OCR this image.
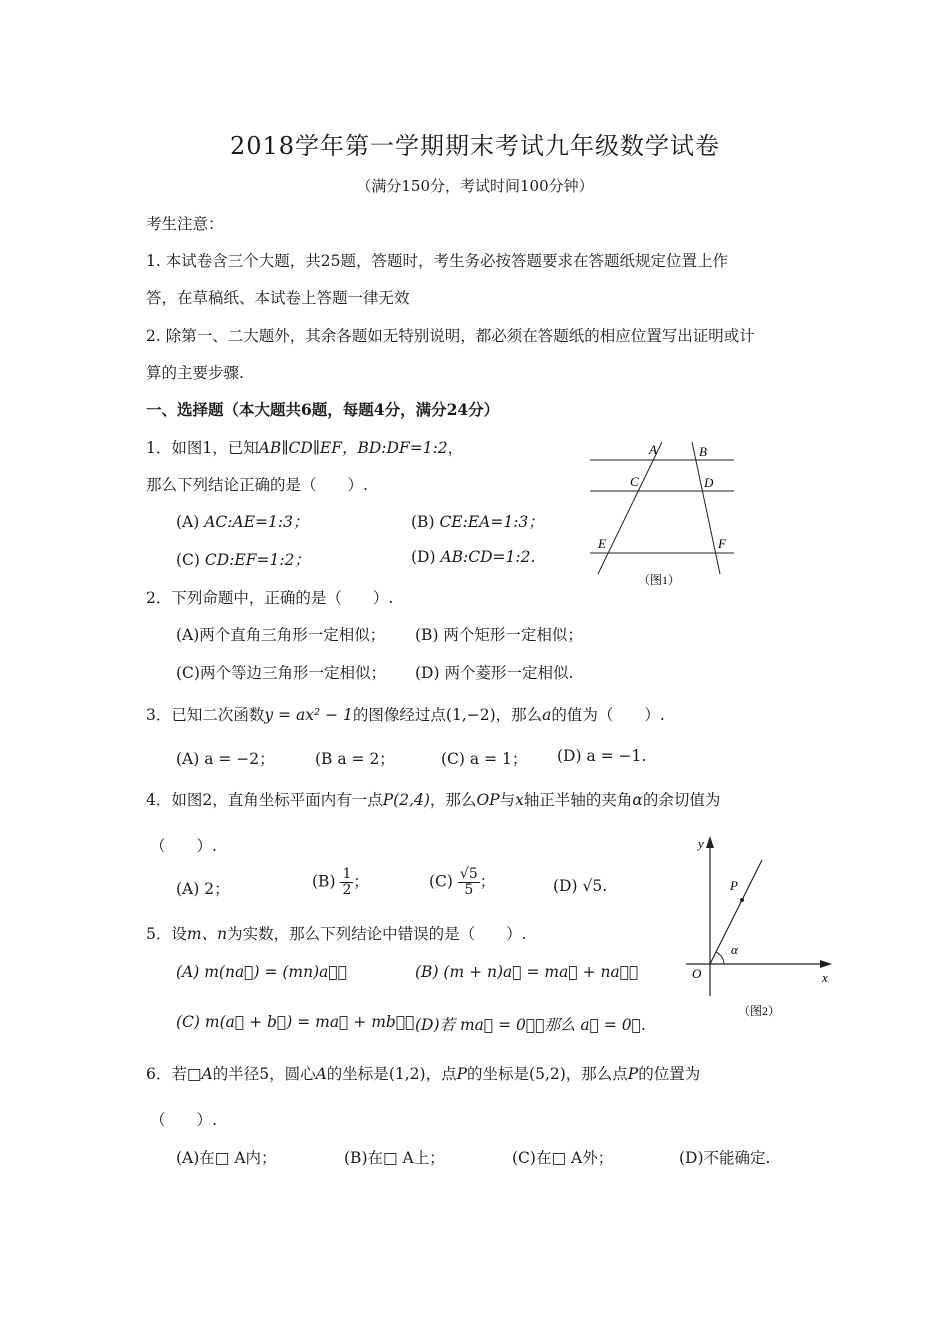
2018学年第一学期期末考试九年级数学试卷
（满分150分，考试时间100分钟）
考生注意：
1. 本试卷含三个大题，共25题，答题时，考生务必按答题要求在答题纸规定位置上作
答，在草稿纸、本试卷上答题一律无效
2. 除第一、二大题外，其余各题如无特别说明，都必须在答题纸的相应位置写出证明或计
算的主要步骤.
一、选择题（本大题共6题，每题4分，满分24分）
1．如图1，已知AB∥CD∥EF，BD:DF=1:2，
那么下列结论正确的是（　　）.
(A) AC:AE=1:3；	(B) CE:EA=1:3；
(C) CD:EF=1:2；	(D) AB:CD=1:2.
A	B
C	D
E	F
（图1）
2．下列命题中，正确的是（　　）.
(A)两个直角三角形一定相似； (B) 两个矩形一定相似；
(C)两个等边三角形一定相似； (D) 两个菱形一定相似.
3．已知二次函数y = ax² − 1的图像经过点(1,−2)，那么a的值为（　　）.
(A) a = −2；	(B a = 2；	(C) a = 1； (D) a = −1.
4．如图2，直角坐标平面内有一点P(2,4)，那么OP与x轴正半轴的夹角α的余切值为
（　　）.
(A) 2；	$(B) \frac{1}{2}$ ；	$(C) \frac{√5}{5}$ ；	(D) √5.
y
x
O
P
α
（图2）
5．设m、n为实数，那么下列结论中错误的是（　　）.
(A) m(na⃗) = (mn)a⃗；	(B) (m + n)a⃗ = ma⃗ + na⃗；
(C) m(a⃗ + b⃗) = ma⃗ + mb⃗； (D)若 ma⃗ = 0⃗，那么 a⃗ = 0⃗.
6．若□A的半径5，圆心A的坐标是(1,2)，点P的坐标是(5,2)，那么点P的位置为
（　　）.
(A)在□ A内；	(B)在□ A上；	(C)在□ A外；	(D)不能确定.
